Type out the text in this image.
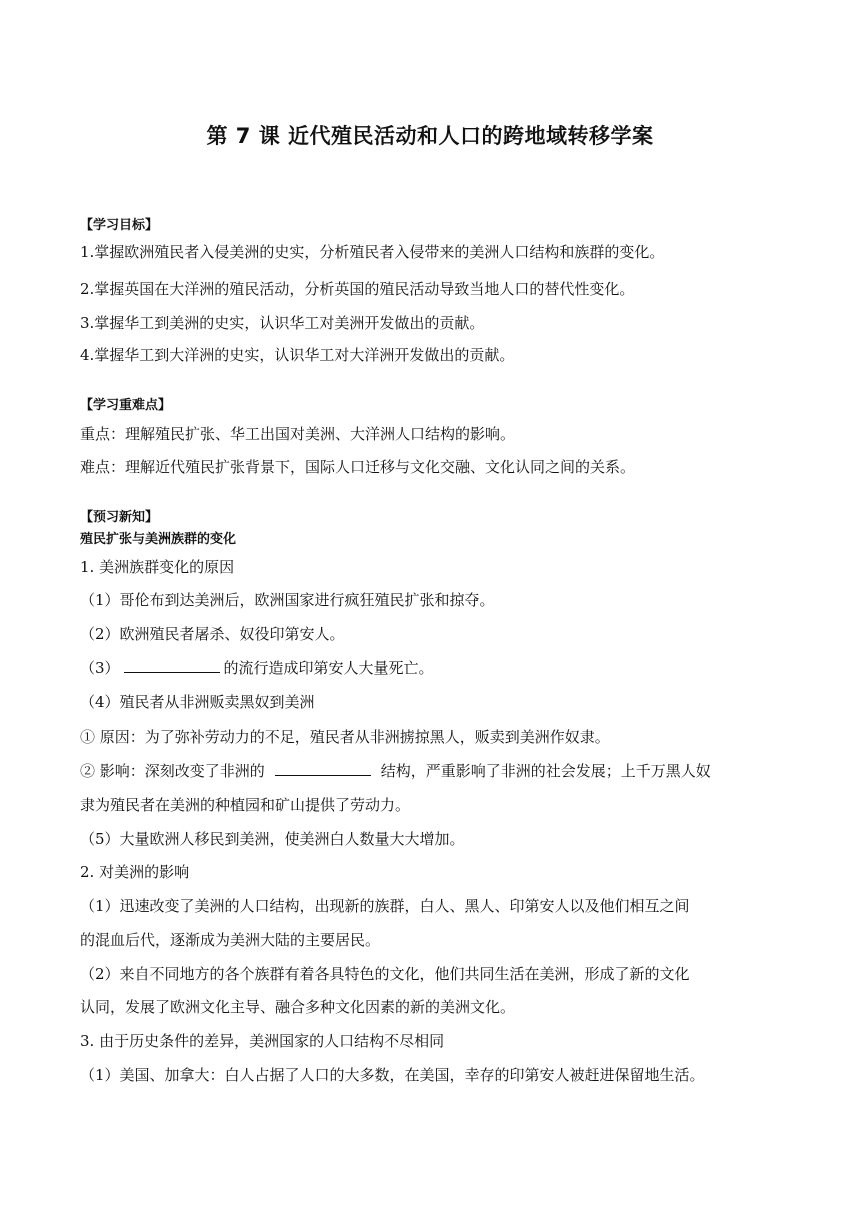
第 7 课 近代殖民活动和人口的跨地域转移学案
【学习目标】
1.掌握欧洲殖民者入侵美洲的史实，分析殖民者入侵带来的美洲人口结构和族群的变化。
2.掌握英国在大洋洲的殖民活动，分析英国的殖民活动导致当地人口的替代性变化。
3.掌握华工到美洲的史实，认识华工对美洲开发做出的贡献。
4.掌握华工到大洋洲的史实，认识华工对大洋洲开发做出的贡献。
【学习重难点】
重点：理解殖民扩张、华工出国对美洲、大洋洲人口结构的影响。
难点：理解近代殖民扩张背景下，国际人口迁移与文化交融、文化认同之间的关系。
【预习新知】
殖民扩张与美洲族群的变化
1. 美洲族群变化的原因
（1）哥伦布到达美洲后，欧洲国家进行疯狂殖民扩张和掠夺。
（2）欧洲殖民者屠杀、奴役印第安人。
（3）	的流行造成印第安人大量死亡。
（4）殖民者从非洲贩卖黑奴到美洲
① 原因：为了弥补劳动力的不足，殖民者从非洲掳掠黑人，贩卖到美洲作奴隶。
② 影响：深刻改变了非洲的	结构，严重影响了非洲的社会发展；上千万黑人奴
隶为殖民者在美洲的种植园和矿山提供了劳动力。
（5）大量欧洲人移民到美洲，使美洲白人数量大大增加。
2. 对美洲的影响
（1）迅速改变了美洲的人口结构，出现新的族群，白人、黑人、印第安人以及他们相互之间
的混血后代，逐渐成为美洲大陆的主要居民。
（2）来自不同地方的各个族群有着各具特色的文化，他们共同生活在美洲，形成了新的文化
认同，发展了欧洲文化主导、融合多种文化因素的新的美洲文化。
3. 由于历史条件的差异，美洲国家的人口结构不尽相同
（1）美国、加拿大：白人占据了人口的大多数，在美国，幸存的印第安人被赶进保留地生活。
